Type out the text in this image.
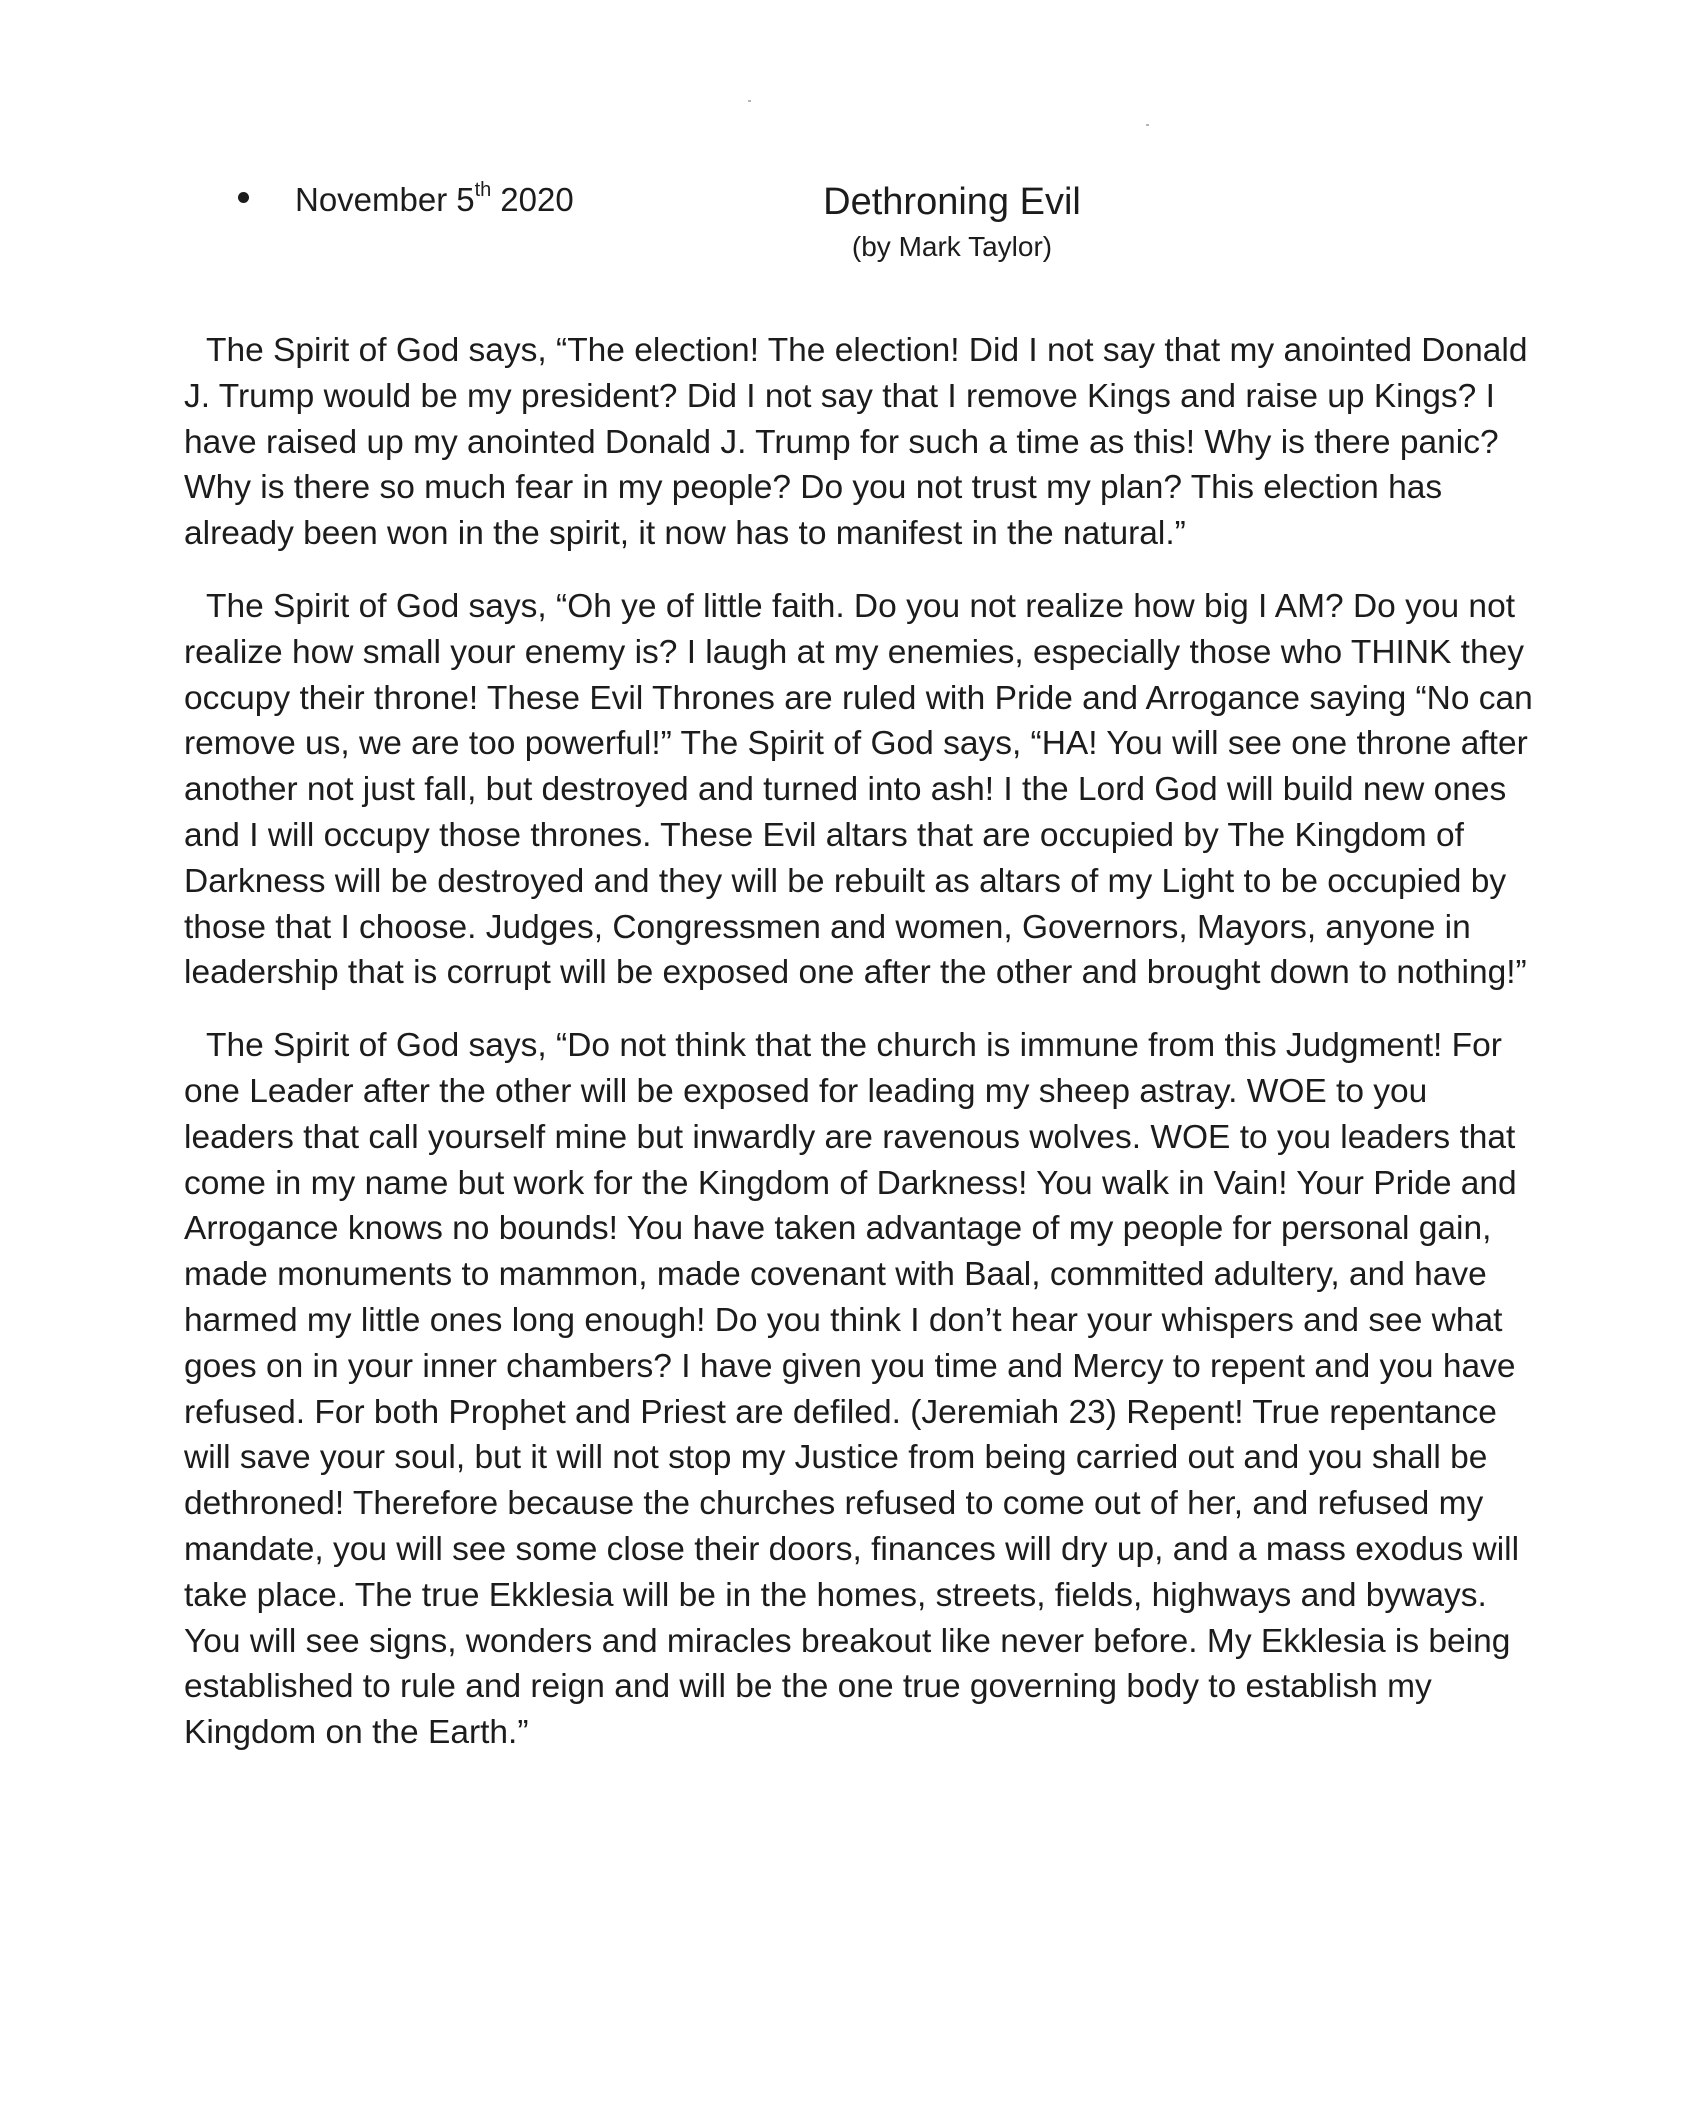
November 5th 2020	Dethroning Evil
(by Mark Taylor)

The Spirit of God says, “The election! The election! Did I not say that my anointed Donald J. Trump would be my president? Did I not say that I remove Kings and raise up Kings? I have raised up my anointed Donald J. Trump for such a time as this! Why is there panic? Why is there so much fear in my people? Do you not trust my plan? This election has already been won in the spirit, it now has to manifest in the natural.”

The Spirit of God says, “Oh ye of little faith. Do you not realize how big I AM? Do you not realize how small your enemy is? I laugh at my enemies, especially those who THINK they occupy their throne! These Evil Thrones are ruled with Pride and Arrogance saying “No can remove us, we are too powerful!” The Spirit of God says, “HA! You will see one throne after another not just fall, but destroyed and turned into ash! I the Lord God will build new ones and I will occupy those thrones. These Evil altars that are occupied by The Kingdom of Darkness will be destroyed and they will be rebuilt as altars of my Light to be occupied by those that I choose. Judges, Congressmen and women, Governors, Mayors, anyone in leadership that is corrupt will be exposed one after the other and brought down to nothing!”

The Spirit of God says, “Do not think that the church is immune from this Judgment! For one Leader after the other will be exposed for leading my sheep astray. WOE to you leaders that call yourself mine but inwardly are ravenous wolves. WOE to you leaders that come in my name but work for the Kingdom of Darkness! You walk in Vain! Your Pride and Arrogance knows no bounds! You have taken advantage of my people for personal gain, made monuments to mammon, made covenant with Baal, committed adultery, and have harmed my little ones long enough! Do you think I don’t hear your whispers and see what goes on in your inner chambers? I have given you time and Mercy to repent and you have refused. For both Prophet and Priest are defiled. (Jeremiah 23) Repent! True repentance will save your soul, but it will not stop my Justice from being carried out and you shall be dethroned! Therefore because the churches refused to come out of her, and refused my mandate, you will see some close their doors, finances will dry up, and a mass exodus will take place. The true Ekklesia will be in the homes, streets, fields, highways and byways. You will see signs, wonders and miracles breakout like never before. My Ekklesia is being established to rule and reign and will be the one true governing body to establish my Kingdom on the Earth.”
